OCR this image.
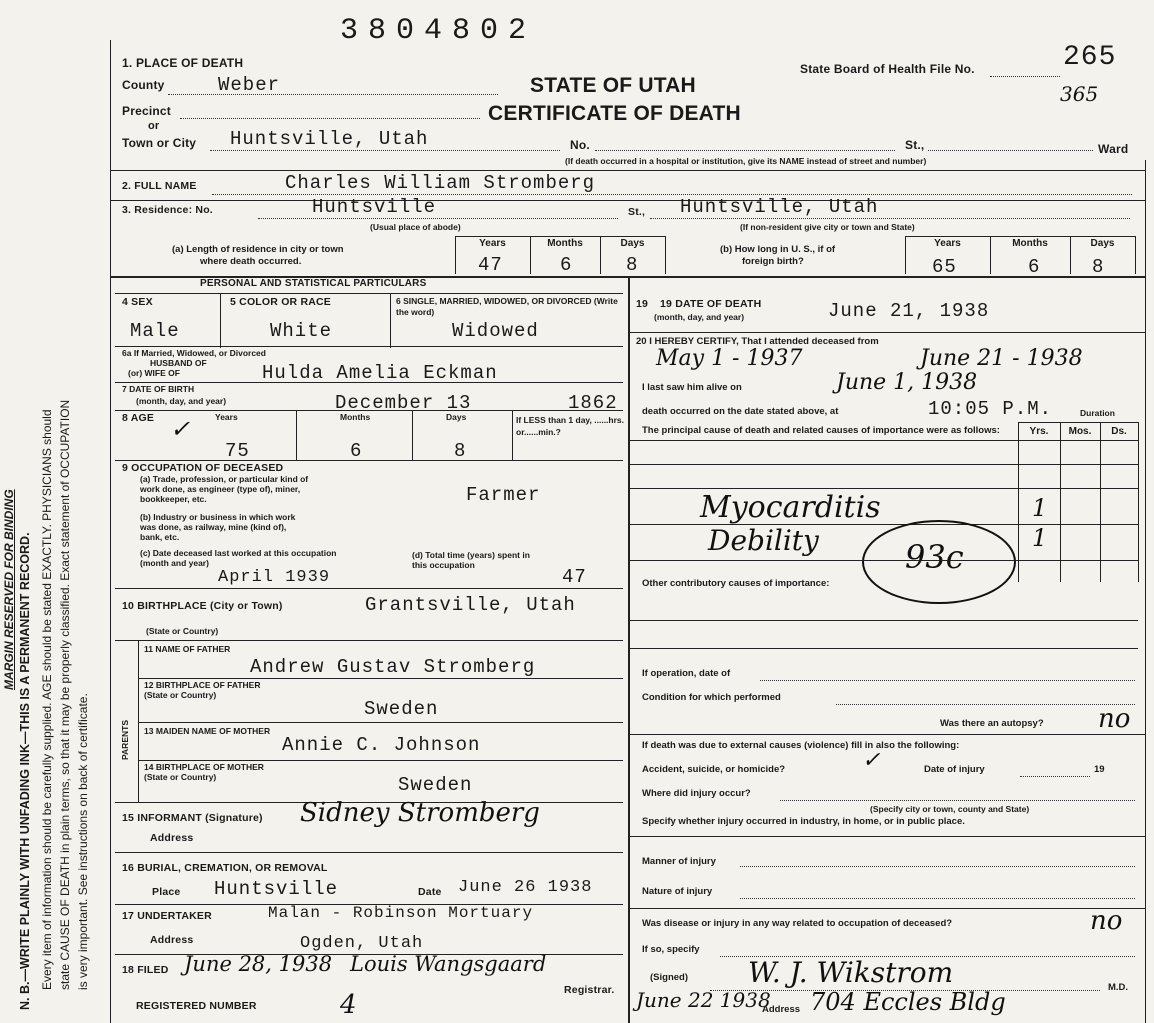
MARGIN RESERVED FOR BINDING N. B.—WRITE PLAINLY WITH UNFADING INK—THIS IS A PERMANENT RECORD. Every item of information should be carefully supplied. AGE should be stated EXACTLY. PHYSICIANS should state CAUSE OF DEATH in plain terms, so that it may be properly classified. Exact statement of OCCUPATION is very important. See instructions on back of certificate.
3804802
State Board of Health File No.	265
365
STATE OF UTAH
CERTIFICATE OF DEATH
1. PLACE OF DEATH
County	Weber
Precinct
or
Town or City Huntsville, Utah	No.	St.,	Ward
(If death occurred in a hospital or institution, give its NAME instead of street and number)
2. FULL NAME	Charles William Stromberg
3. Residence: No.	Huntsville	St., Huntsville, Utah
(Usual place of abode)	(If non-resident give city or town and State)
(a) Length of residence in city or town
where death occurred.
Years	Months	Days
47	6	8
(b) How long in U. S., if of
foreign birth?
Years	Months	Days
65	6	8
PERSONAL AND STATISTICAL PARTICULARS
4 SEX
Male
5 COLOR OR RACE
White
6 SINGLE, MARRIED, WIDOWED, OR DIVORCED (Write the word)
Widowed
6a If Married, Widowed, or Divorced
HUSBAND OF
(or) WIFE OF	Hulda Amelia Eckman
7 DATE OF BIRTH
(month, day, and year)	December 13	1862
8 AGE	Years	Months	Days
✓
75	6	8
If LESS than 1 day, ......hrs. or......min.?
9 OCCUPATION OF DECEASED
(a) Trade, profession, or particular kind of work done, as engineer (type of), miner, bookkeeper, etc.	Farmer
(b) Industry or business in which work was done, as railway, mine (kind of), bank, etc.
(c) Date deceased last worked at this occupation (month and year)
April 1939
(d) Total time (years) spent in this occupation
47
10 BIRTHPLACE (City or Town)	Grantsville, Utah
(State or Country)
PARENTS
11 NAME OF FATHER
Andrew Gustav Stromberg
12 BIRTHPLACE OF FATHER (State or Country)
Sweden
13 MAIDEN NAME OF MOTHER
Annie C. Johnson
14 BIRTHPLACE OF MOTHER (State or Country)	Sweden
15 INFORMANT (Signature) Sidney Stromberg
Address
16 BURIAL, CREMATION, OR REMOVAL
Place Huntsville	Date June 26 1938
17 UNDERTAKER	Malan - Robinson Mortuary
Address	Ogden, Utah
18 FILED June 28, 1938 Louis Wangsgaard
Registrar.
REGISTERED NUMBER	4
19 19 DATE OF DEATH
(month, day, and year)	June 21, 1938
20 I HEREBY CERTIFY, That I attended deceased from
May 1 - 1937	June 21 - 1938
I last saw him alive on	June 1, 1938
death occurred on the date stated above, at	10:05 P.M.	Duration
The principal cause of death and related causes of importance were as follows:	Yrs.	Mos.	Ds.
Myocarditis	1
Debility	1
93c
Other contributory causes of importance:
If operation, date of
Condition for which performed
Was there an autopsy? no
If death was due to external causes (violence) fill in also the following:
Accident, suicide, or homicide?	✓	Date of injury	19
Where did injury occur?
(Specify city or town, county and State)
Specify whether injury occurred in industry, in home, or in public place.
Manner of injury
Nature of injury
Was disease or injury in any way related to occupation of deceased?	no
If so, specify
(Signed) W. J. Wikstrom	M.D.
June 22 1938
Address 704 Eccles Bldg
